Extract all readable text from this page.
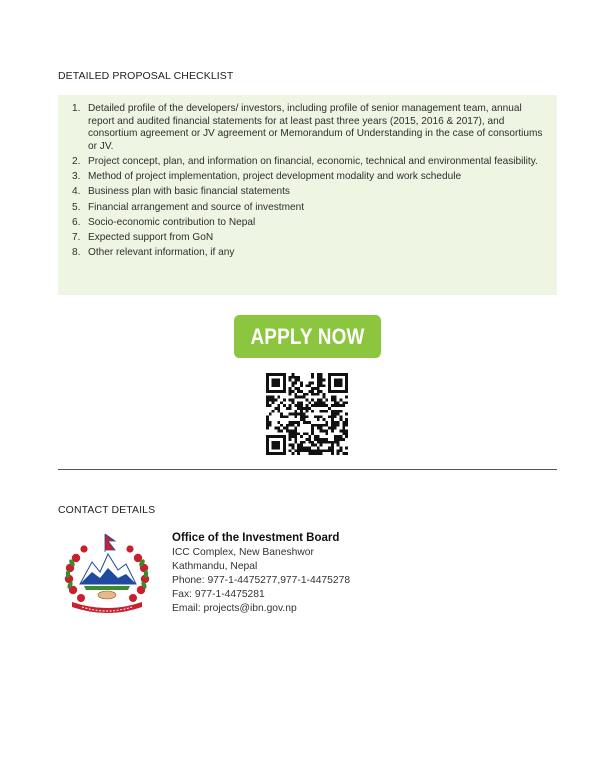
DETAILED PROPOSAL CHECKLIST
1. Detailed profile of the developers/ investors, including profile of senior management team, annual report and audited financial statements for at least past three years (2015, 2016 & 2017), and consortium agreement or JV agreement or Memorandum of Understanding in the case of consortiums or JV.
2. Project concept, plan, and information on financial, economic, technical and environmental feasibility.
3. Method of project implementation, project development modality and work schedule
4. Business plan with basic financial statements
5. Financial arrangement and source of investment
6. Socio-economic contribution to Nepal
7. Expected support from GoN
8. Other relevant information, if any
APPLY NOW
CONTACT DETAILS
Office of the Investment Board
ICC Complex, New Baneshwor
Kathmandu, Nepal
Phone: 977-1-4475277,977-1-4475278
Fax: 977-1-4475281
Email: projects@ibn.gov.np
